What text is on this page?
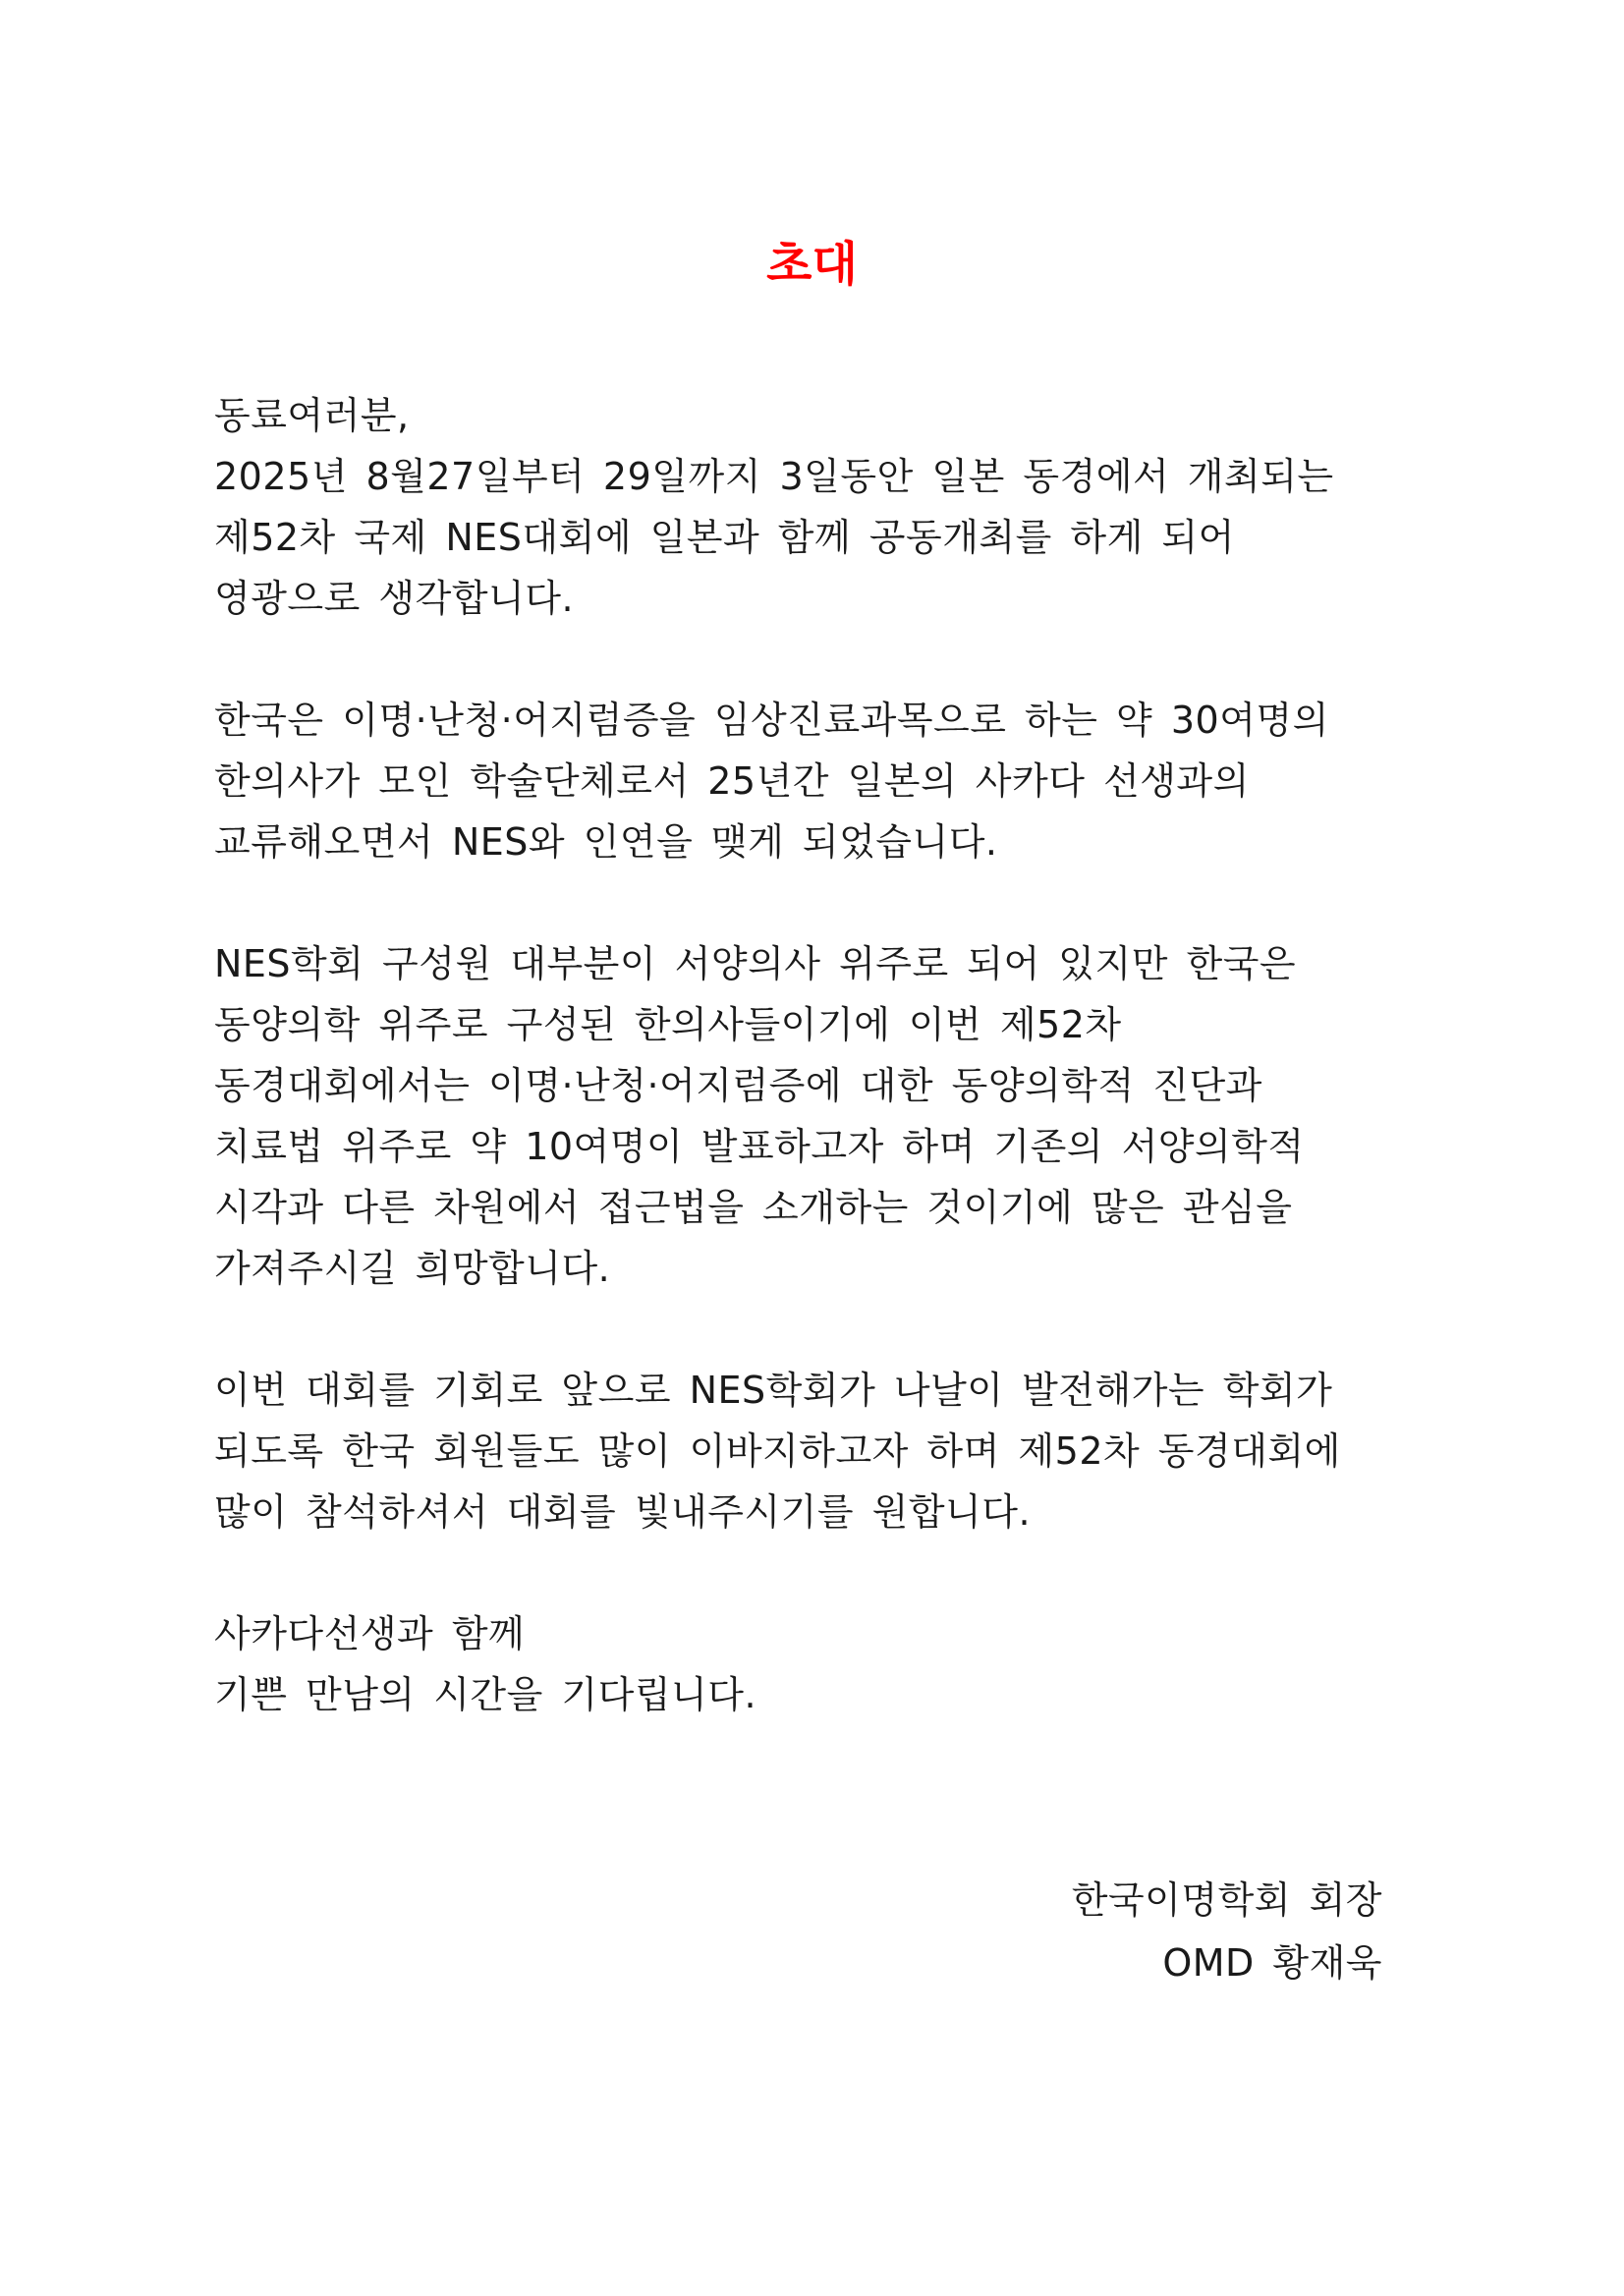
초대
동료여러분,
2025년 8월27일부터 29일까지 3일동안 일본 동경에서 개최되는
제52차 국제 NES대회에 일본과 함께 공동개최를 하게 되어
영광으로 생각합니다.
한국은 이명·난청·어지럼증을 임상진료과목으로 하는 약 30여명의
한의사가 모인 학술단체로서 25년간 일본의 사카다 선생과의
교류해오면서 NES와 인연을 맺게 되었습니다.
NES학회 구성원 대부분이 서양의사 위주로 되어 있지만 한국은
동양의학 위주로 구성된 한의사들이기에 이번 제52차
동경대회에서는 이명·난청·어지럼증에 대한 동양의학적 진단과
치료법 위주로 약 10여명이 발표하고자 하며 기존의 서양의학적
시각과 다른 차원에서 접근법을 소개하는 것이기에 많은 관심을
가져주시길 희망합니다.
이번 대회를 기회로 앞으로 NES학회가 나날이 발전해가는 학회가
되도록 한국 회원들도 많이 이바지하고자 하며 제52차 동경대회에
많이 참석하셔서 대회를 빛내주시기를 원합니다.
사카다선생과 함께
기쁜 만남의 시간을 기다립니다.
한국이명학회 회장
OMD 황재욱
